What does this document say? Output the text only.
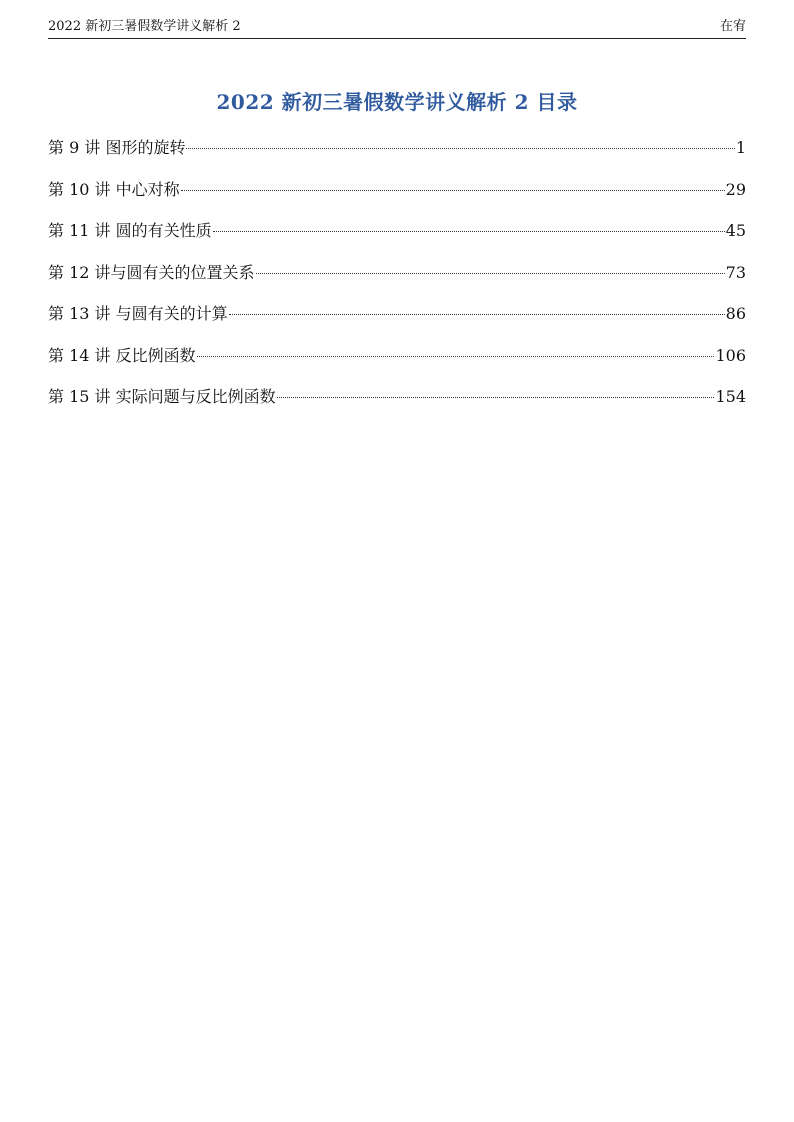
2022 新初三暑假数学讲义解析 2	在宥
2022 新初三暑假数学讲义解析 2 目录
第 9 讲 图形的旋转	1
第 10 讲 中心对称	29
第 11 讲 圆的有关性质	45
第 12 讲与圆有关的位置关系	73
第 13 讲 与圆有关的计算	86
第 14 讲 反比例函数	106
第 15 讲 实际问题与反比例函数	154
